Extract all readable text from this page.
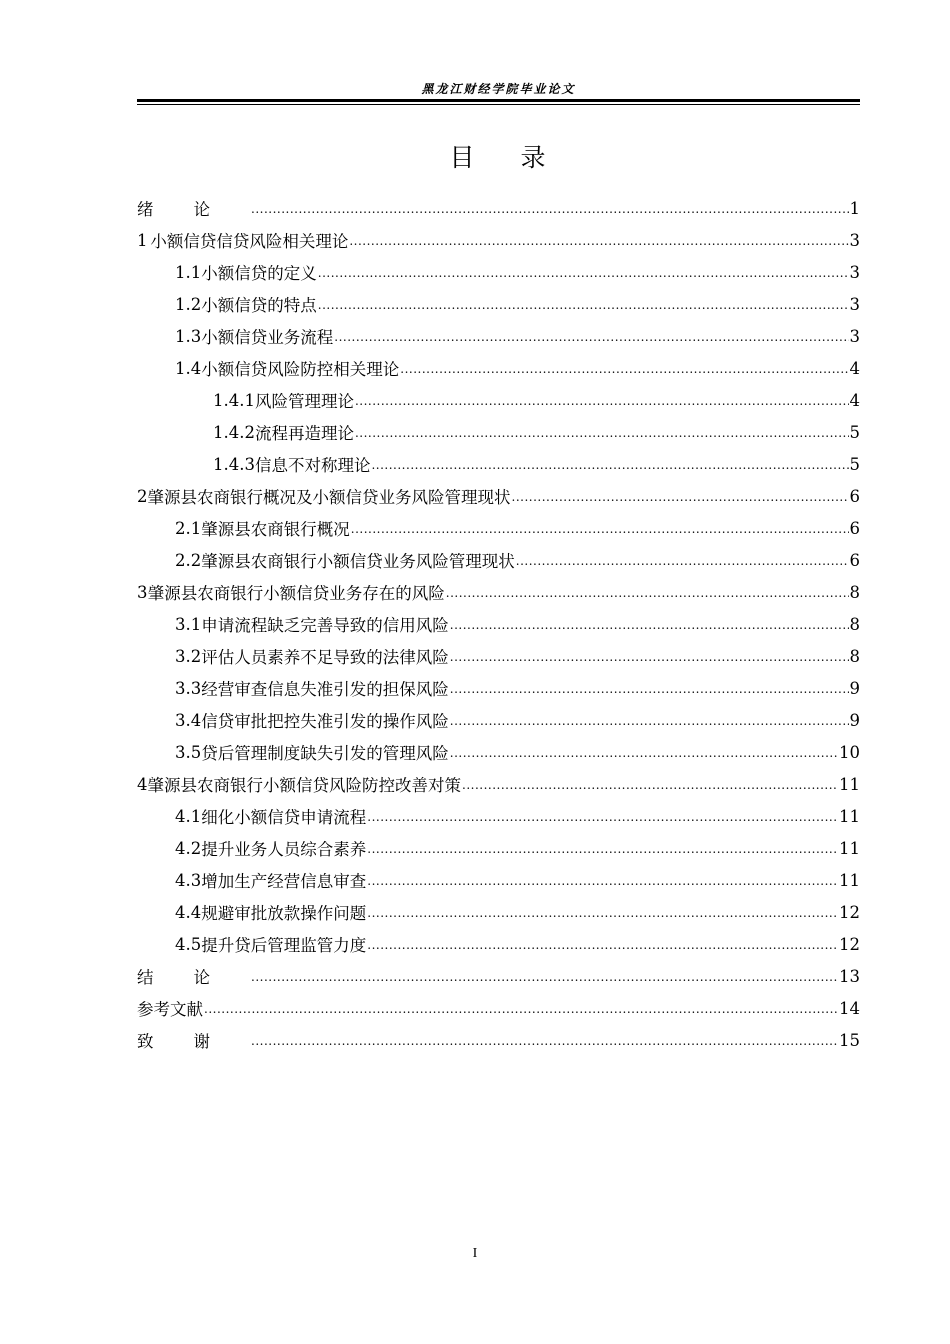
黑龙江财经学院毕业论文
目 录
绪论 .....	1
1 小额信贷信贷风险相关理论 .....	3
1.1 小额信贷的定义 .....	3
1.2 小额信贷的特点 .....	3
1.3 小额信贷业务流程 .....	3
1.4 小额信贷风险防控相关理论 .....	4
1.4.1 风险管理理论 .....	4
1.4.2 流程再造理论 .....	5
1.4.3 信息不对称理论 .....	5
2 肇源县农商银行概况及小额信贷业务风险管理现状 .....	6
2.1 肇源县农商银行概况 .....	6
2.2 肇源县农商银行小额信贷业务风险管理现状 .....	6
3 肇源县农商银行小额信贷业务存在的风险 .....	8
3.1 申请流程缺乏完善导致的信用风险 .....	8
3.2 评估人员素养不足导致的法律风险 .....	8
3.3 经营审查信息失准引发的担保风险 .....	9
3.4 信贷审批把控失准引发的操作风险 .....	9
3.5 贷后管理制度缺失引发的管理风险 .....	10
4 肇源县农商银行小额信贷风险防控改善对策 .....	11
4.1 细化小额信贷申请流程 .....	11
4.2 提升业务人员综合素养 .....	11
4.3 增加生产经营信息审查 .....	11
4.4 规避审批放款操作问题 .....	12
4.5 提升贷后管理监管力度 .....	12
结论 .....	13
参考文献 .....	14
致谢 .....	15
I
